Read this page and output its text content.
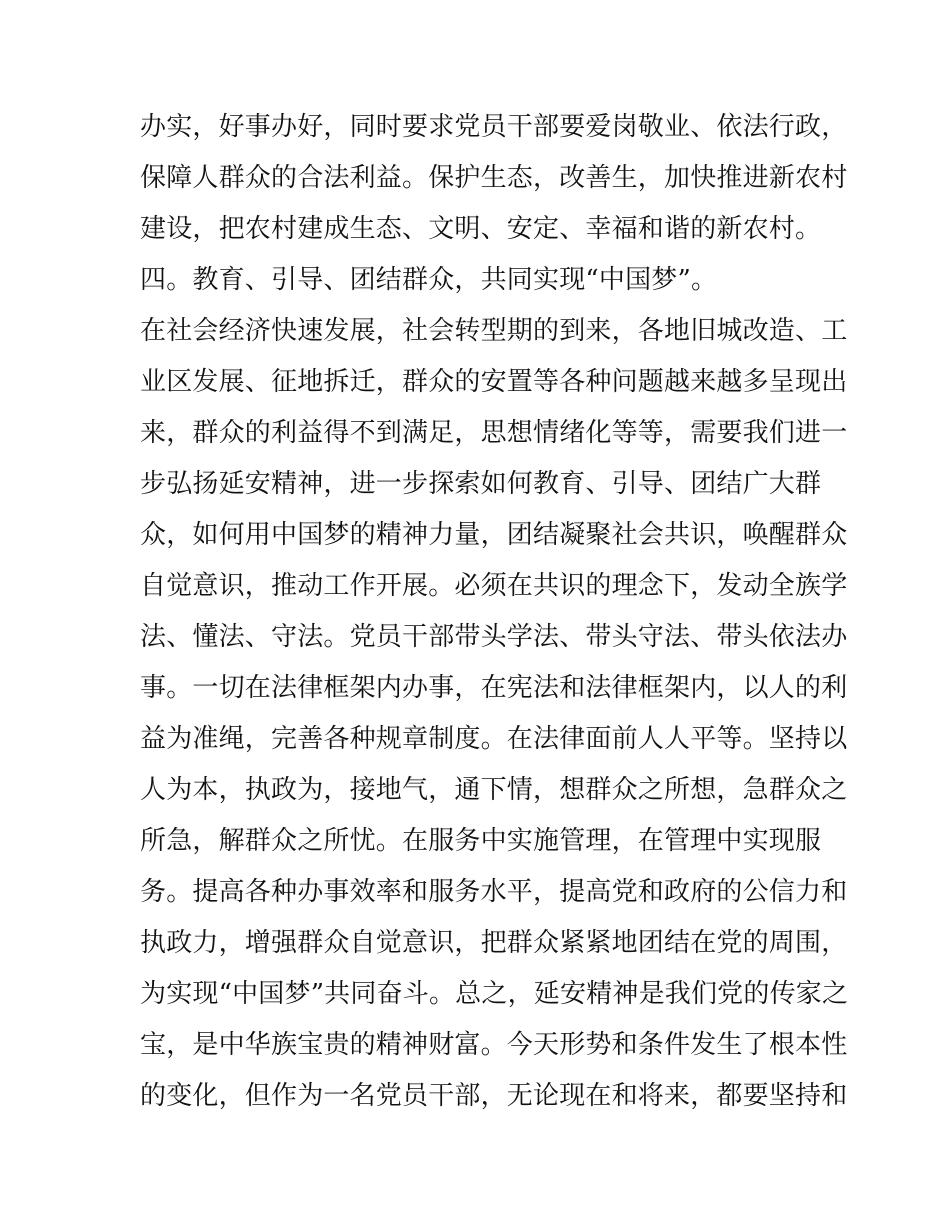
办实，好事办好，同时要求党员干部要爱岗敬业、依法行政，
保障人群众的合法利益。保护生态，改善生，加快推进新农村
建设，把农村建成生态、文明、安定、幸福和谐的新农村。
四。教育、引导、团结群众，共同实现“中国梦”。
在社会经济快速发展，社会转型期的到来，各地旧城改造、工
业区发展、征地拆迁，群众的安置等各种问题越来越多呈现出
来，群众的利益得不到满足，思想情绪化等等，需要我们进一
步弘扬延安精神，进一步探索如何教育、引导、团结广大群
众，如何用中国梦的精神力量，团结凝聚社会共识，唤醒群众
自觉意识，推动工作开展。必须在共识的理念下，发动全族学
法、懂法、守法。党员干部带头学法、带头守法、带头依法办
事。一切在法律框架内办事，在宪法和法律框架内，以人的利
益为准绳，完善各种规章制度。在法律面前人人平等。坚持以
人为本，执政为，接地气，通下情，想群众之所想，急群众之
所急，解群众之所忧。在服务中实施管理，在管理中实现服
务。提高各种办事效率和服务水平，提高党和政府的公信力和
执政力，增强群众自觉意识，把群众紧紧地团结在党的周围，
为实现“中国梦”共同奋斗。总之，延安精神是我们党的传家之
宝，是中华族宝贵的精神财富。今天形势和条件发生了根本性
的变化，但作为一名党员干部，无论现在和将来，都要坚持和
